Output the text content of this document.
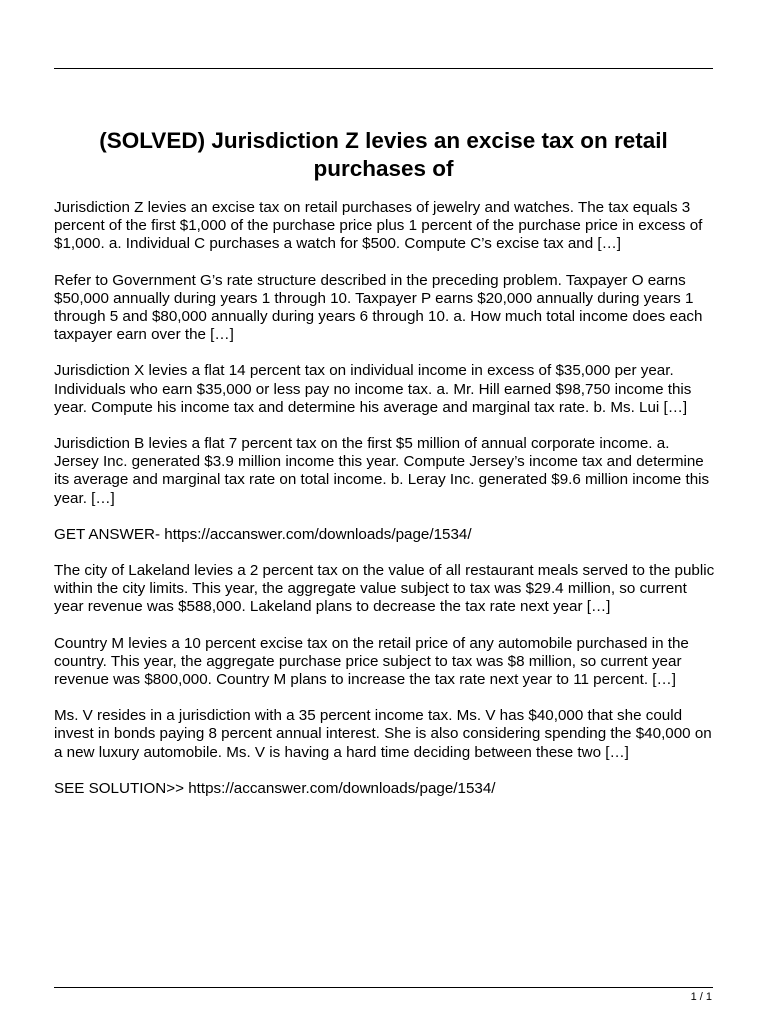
(SOLVED) Jurisdiction Z levies an excise tax on retail purchases of

Jurisdiction Z levies an excise tax on retail purchases of jewelry and watches. The tax equals 3 percent of the first $1,000 of the purchase price plus 1 percent of the purchase price in excess of $1,000. a. Individual C purchases a watch for $500. Compute C’s excise tax and […]

Refer to Government G’s rate structure described in the preceding problem. Taxpayer O earns $50,000 annually during years 1 through 10. Taxpayer P earns $20,000 annually during years 1 through 5 and $80,000 annually during years 6 through 10. a. How much total income does each taxpayer earn over the […]

Jurisdiction X levies a flat 14 percent tax on individual income in excess of $35,000 per year. Individuals who earn $35,000 or less pay no income tax. a. Mr. Hill earned $98,750 income this year. Compute his income tax and determine his average and marginal tax rate. b. Ms. Lui […]

Jurisdiction B levies a flat 7 percent tax on the first $5 million of annual corporate income. a. Jersey Inc. generated $3.9 million income this year. Compute Jersey’s income tax and determine its average and marginal tax rate on total income. b. Leray Inc. generated $9.6 million income this year. […]

GET ANSWER- https://accanswer.com/downloads/page/1534/

The city of Lakeland levies a 2 percent tax on the value of all restaurant meals served to the public within the city limits. This year, the aggregate value subject to tax was $29.4 million, so current year revenue was $588,000. Lakeland plans to decrease the tax rate next year […]

Country M levies a 10 percent excise tax on the retail price of any automobile purchased in the country. This year, the aggregate purchase price subject to tax was $8 million, so current year revenue was $800,000. Country M plans to increase the tax rate next year to 11 percent. […]

Ms. V resides in a jurisdiction with a 35 percent income tax. Ms. V has $40,000 that she could invest in bonds paying 8 percent annual interest. She is also considering spending the $40,000 on a new luxury automobile. Ms. V is having a hard time deciding between these two […]

SEE SOLUTION>> https://accanswer.com/downloads/page/1534/

1 / 1
